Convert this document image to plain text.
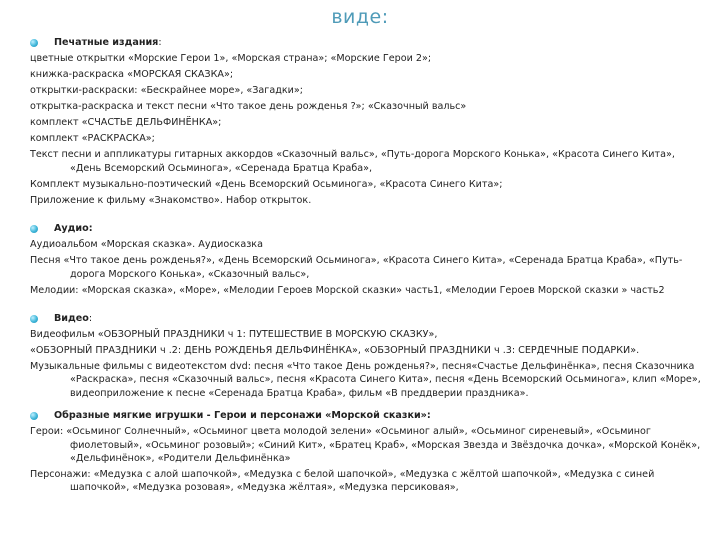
виде:
Печатные издания:
цветные открытки «Морские Герои 1», «Морская страна»; «Морские Герои 2»;
книжка-раскраска «МОРСКАЯ СКАЗКА»;
открытки-раскраски: «Бескрайнее море», «Загадки»;
открытка-раскраска и текст песни «Что такое день рожденья ?»; «Сказочный вальс»
комплект «СЧАСТЬЕ ДЕЛЬФИНЁНКА»;
комплект «РАСКРАСКА»;
Текст песни и аппликатуры гитарных аккордов «Сказочный вальс», «Путь-дорога Морского Конька», «Красота Синего Кита», «День Всеморский Осьминога», «Серенада Братца Краба»,
Комплект музыкально-поэтический «День Всеморский Осьминога», «Красота Синего Кита»;
Приложение к фильму «Знакомство». Набор открыток.
Аудио:
Аудиоальбом «Морская сказка». Аудиосказка
Песня «Что такое день рожденья?», «День Всеморский Осьминога», «Красота Синего Кита», «Серенада Братца Краба», «Путь-дорога Морского Конька», «Сказочный вальс»,
Мелодии: «Морская сказка», «Море», «Мелодии Героев Морской сказки» часть1, «Мелодии Героев Морской сказки » часть2
Видео:
Видеофильм «ОБЗОРНЫЙ ПРАЗДНИКИ ч 1: ПУТЕШЕСТВИЕ В МОРСКУЮ СКАЗКУ»,
«ОБЗОРНЫЙ ПРАЗДНИКИ ч .2: ДЕНЬ РОЖДЕНЬЯ ДЕЛЬФИНЁНКА», «ОБЗОРНЫЙ ПРАЗДНИКИ ч .3: СЕРДЕЧНЫЕ ПОДАРКИ».
Музыкальные фильмы с видеотекстом dvd: песня «Что такое День рожденья?», песня«Счастье Дельфинёнка», песня Сказочника «Раскраска», песня «Сказочный вальс», песня «Красота Синего Кита», песня «День Всеморский Осьминога», клип «Море», видеоприложение к песне «Серенада Братца Краба», фильм «В преддверии праздника».
Образные мягкие игрушки - Герои и персонажи «Морской сказки»:
Герои: «Осьминог Солнечный», «Осьминог цвета молодой зелени» «Осьминог алый», «Осьминог сиреневый», «Осьминог фиолетовый», «Осьминог розовый»; «Синий Кит», «Братец Краб», «Морская Звезда и Звёздочка дочка», «Морской Конёк», «Дельфинёнок», «Родители Дельфинёнка»
Персонажи: «Медузка с алой шапочкой», «Медузка с белой шапочкой», «Медузка с жёлтой шапочкой», «Медузка с синей шапочкой», «Медузка розовая», «Медузка жёлтая», «Медузка персиковая»,
